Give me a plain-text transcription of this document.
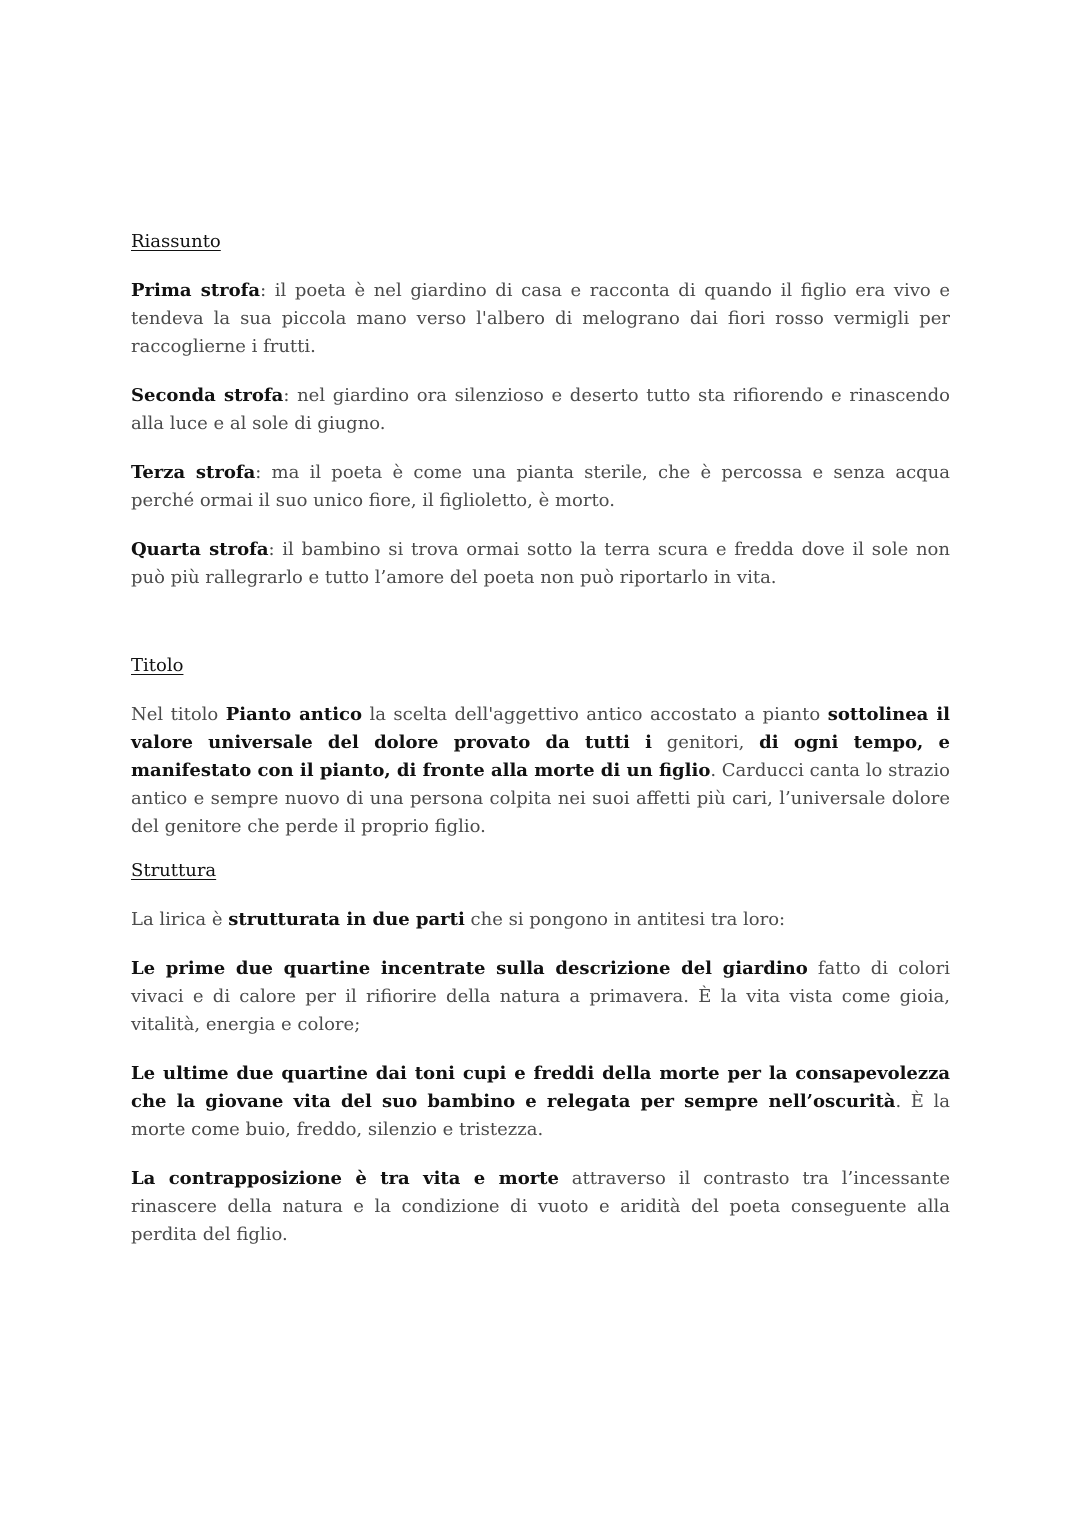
Riassunto

Prima strofa: il poeta è nel giardino di casa e racconta di quando il figlio era vivo e tendeva la sua piccola mano verso l'albero di melograno dai fiori rosso vermigli per raccoglierne i frutti.

Seconda strofa: nel giardino ora silenzioso e deserto tutto sta rifiorendo e rinascendo alla luce e al sole di giugno.

Terza strofa: ma il poeta è come una pianta sterile, che è percossa e senza acqua perché ormai il suo unico fiore, il figlioletto, è morto.

Quarta strofa: il bambino si trova ormai sotto la terra scura e fredda dove il sole non può più rallegrarlo e tutto l’amore del poeta non può riportarlo in vita.

Titolo

Nel titolo Pianto antico la scelta dell'aggettivo antico accostato a pianto sottolinea il valore universale del dolore provato da tutti i genitori, di ogni tempo, e manifestato con il pianto, di fronte alla morte di un figlio. Carducci canta lo strazio antico e sempre nuovo di una persona colpita nei suoi affetti più cari, l’universale dolore del genitore che perde il proprio figlio.

Struttura

La lirica è strutturata in due parti che si pongono in antitesi tra loro:

Le prime due quartine incentrate sulla descrizione del giardino fatto di colori vivaci e di calore per il rifiorire della natura a primavera. È la vita vista come gioia, vitalità, energia e colore;

Le ultime due quartine dai toni cupi e freddi della morte per la consapevolezza che la giovane vita del suo bambino e relegata per sempre nell’oscurità. È la morte come buio, freddo, silenzio e tristezza.

La contrapposizione è tra vita e morte attraverso il contrasto tra l’incessante rinascere della natura e la condizione di vuoto e aridità del poeta conseguente alla perdita del figlio.
